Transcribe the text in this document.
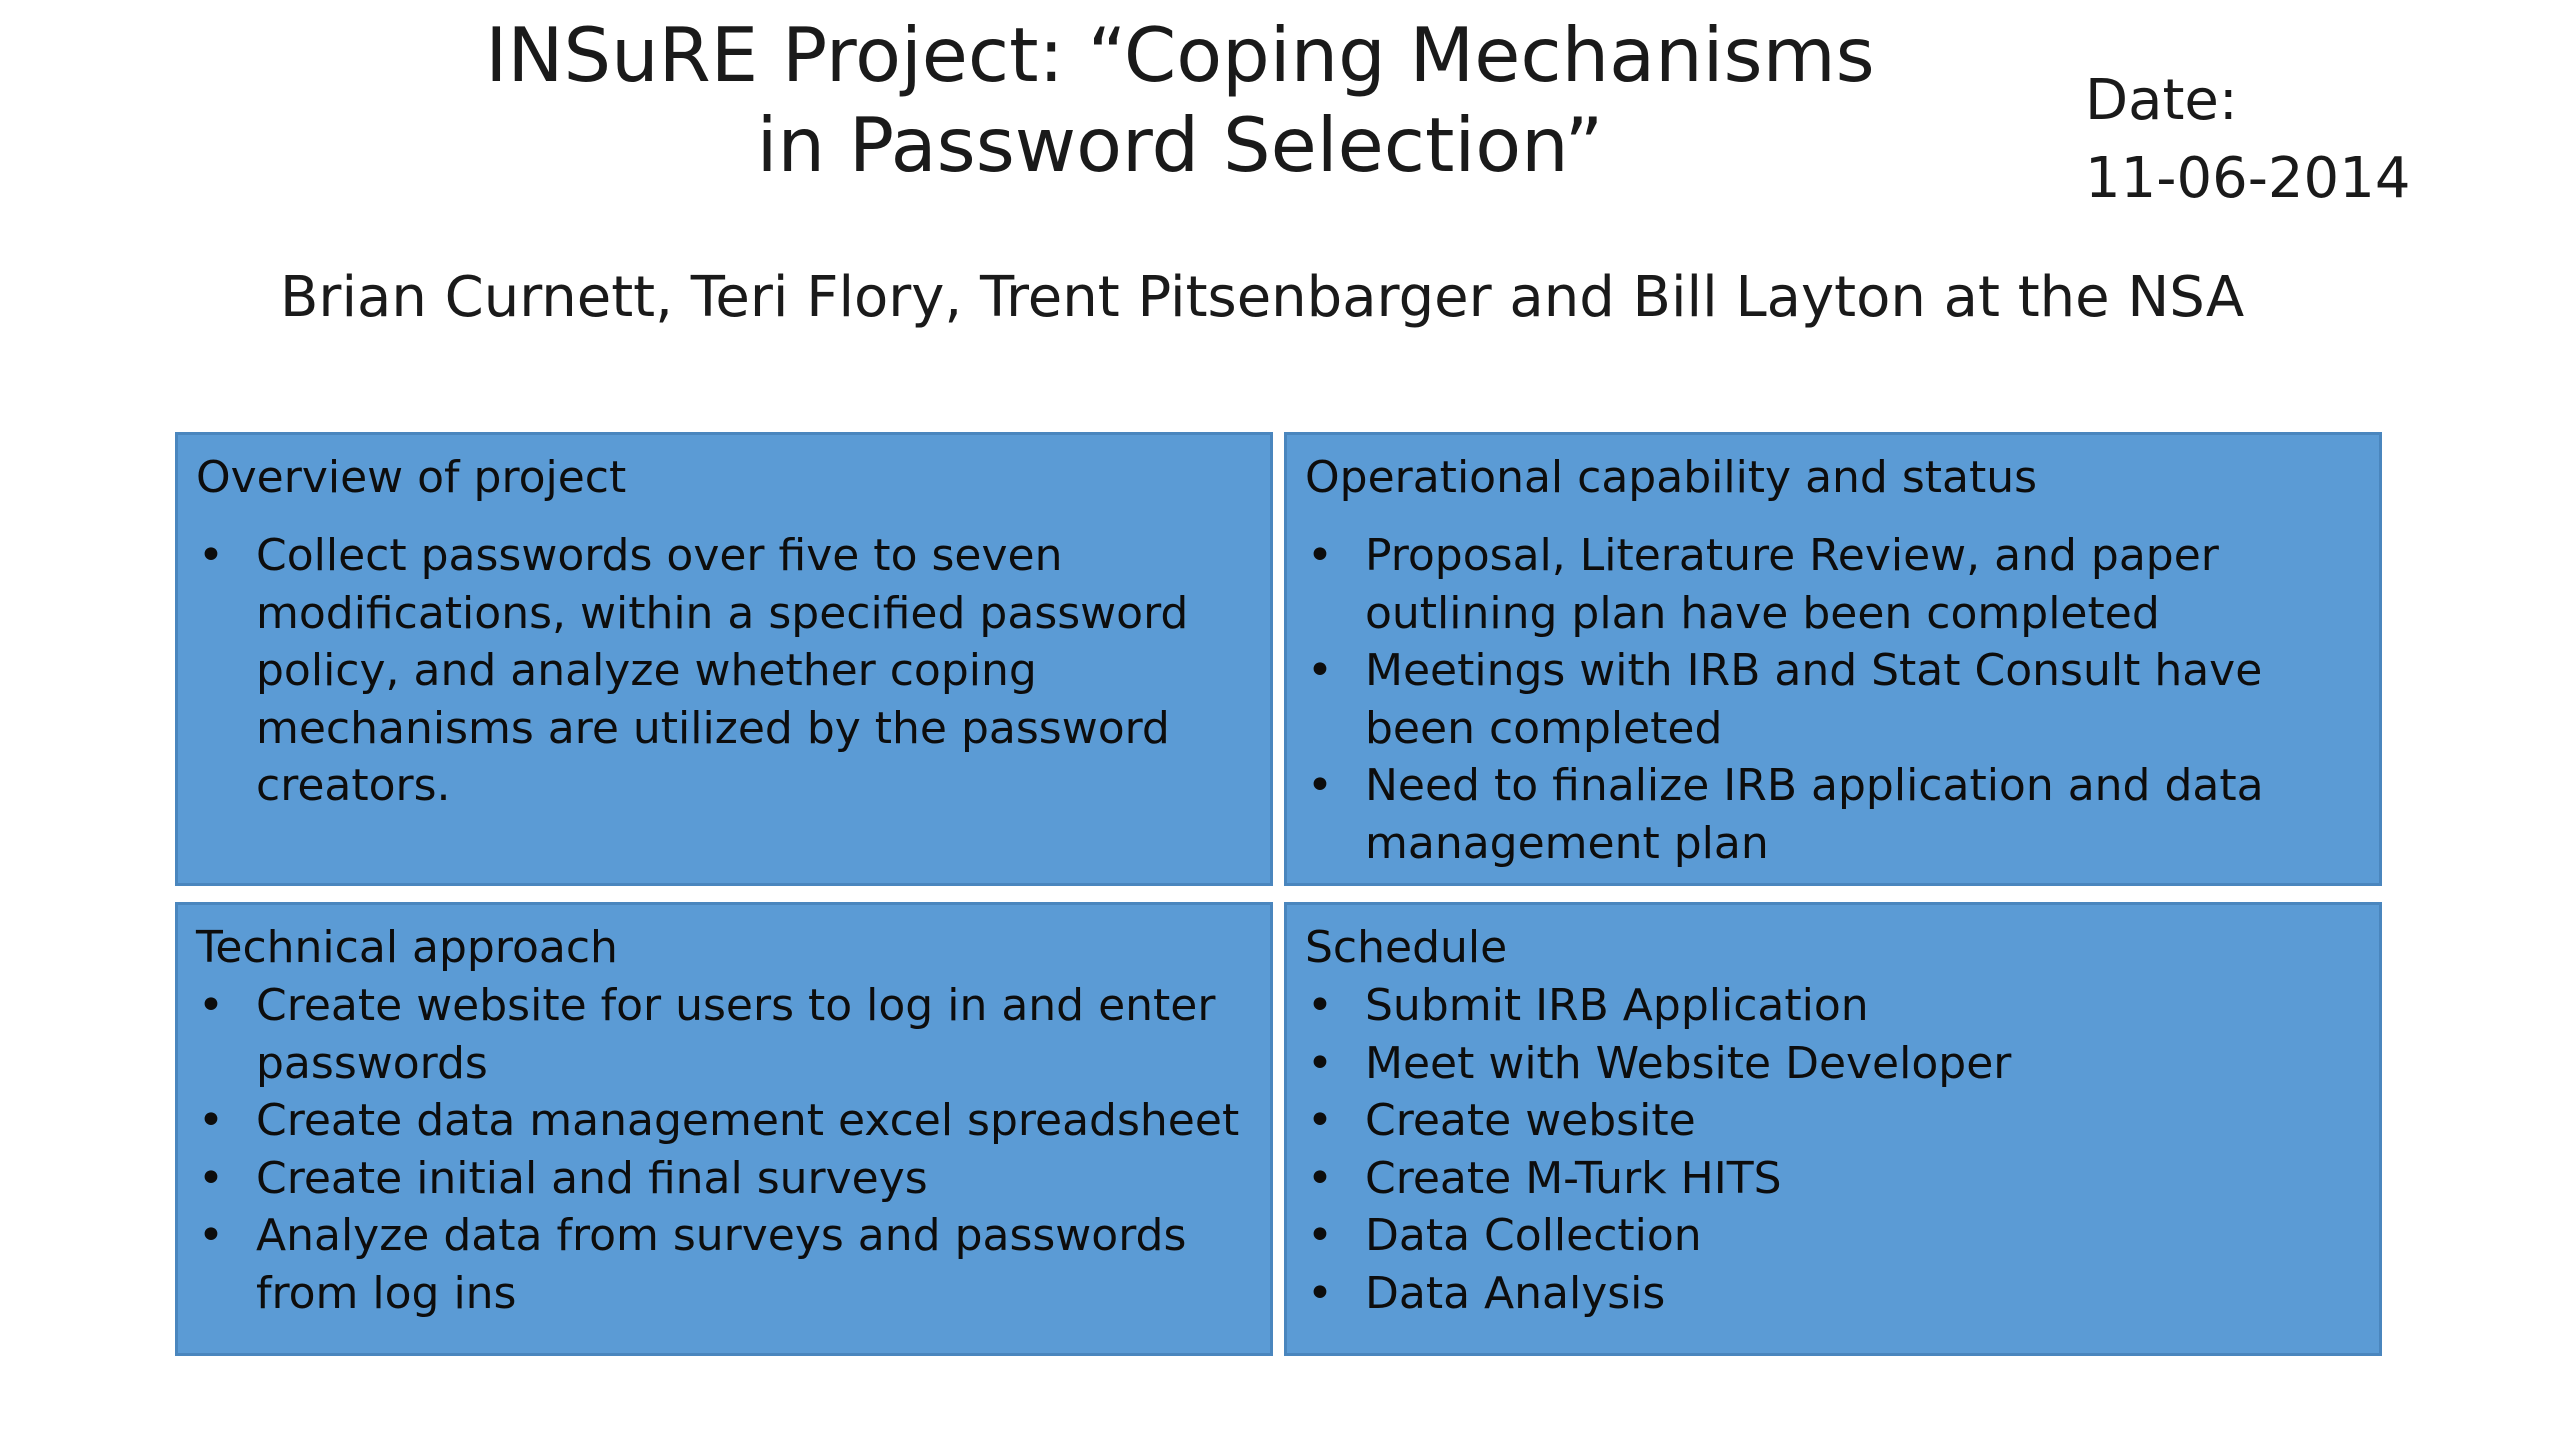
INSuRE Project: “Coping Mechanisms
in Password Selection”
Date:
11-06-2014
Brian Curnett, Teri Flory, Trent Pitsenbarger and Bill Layton at the NSA
Overview of project
• Collect passwords over five to seven modifications, within a specified password policy, and analyze whether coping mechanisms are utilized by the password creators.
Operational capability and status
• Proposal, Literature Review, and paper outlining plan have been completed
• Meetings with IRB and Stat Consult have been completed
• Need to finalize IRB application and data management plan
Technical approach
• Create website for users to log in and enter passwords
• Create data management excel spreadsheet
• Create initial and final surveys
• Analyze data from surveys and passwords from log ins
Schedule
• Submit IRB Application
• Meet with Website Developer
• Create website
• Create M-Turk HITS
• Data Collection
• Data Analysis
